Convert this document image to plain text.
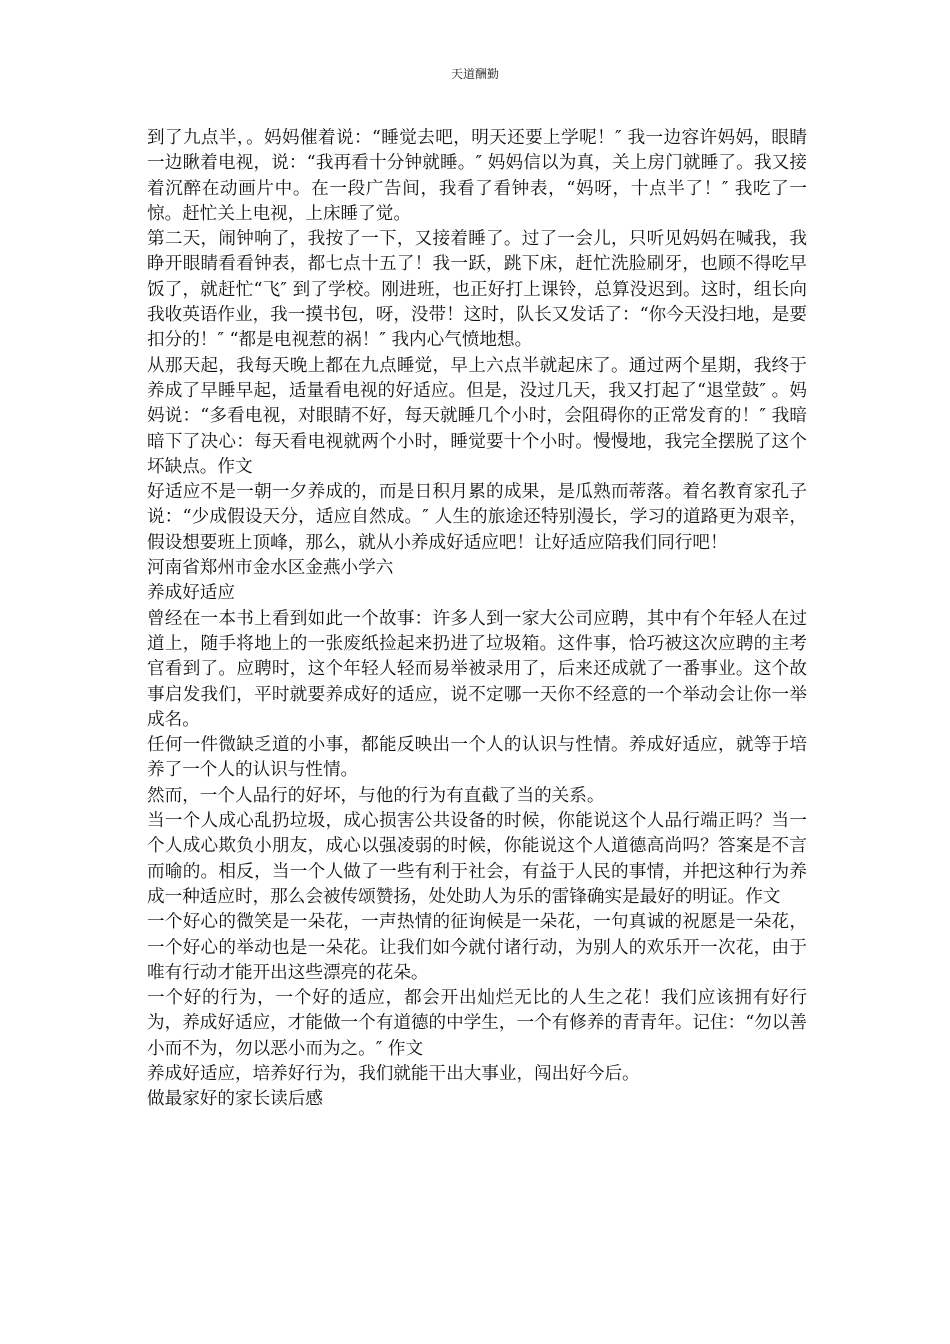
天道酬勤

到了九点半，。妈妈催着说：“睡觉去吧，明天还要上学呢！″ 我一边容许妈妈，眼睛一边瞅着电视，说：“我再看十分钟就睡。″ 妈妈信以为真，关上房门就睡了。我又接着沉醉在动画片中。在一段广告间，我看了看钟表，“妈呀，十点半了！″ 我吃了一惊。赶忙关上电视，上床睡了觉。

第二天，闹钟响了，我按了一下，又接着睡了。过了一会儿，只听见妈妈在喊我，我睁开眼睛看看钟表，都七点十五了！我一跃，跳下床，赶忙洗脸刷牙，也顾不得吃早饭了，就赶忙“飞″ 到了学校。刚进班，也正好打上课铃，总算没迟到。这时，组长向我收英语作业，我一摸书包，呀，没带！这时，队长又发话了：“你今天没扫地，是要扣分的！″ “都是电视惹的祸！″ 我内心气愤地想。

从那天起，我每天晚上都在九点睡觉，早上六点半就起床了。通过两个星期，我终于养成了早睡早起，适量看电视的好适应。但是，没过几天，我又打起了“退堂鼓″ 。妈妈说：“多看电视，对眼睛不好，每天就睡几个小时，会阻碍你的正常发育的！″ 我暗暗下了决心：每天看电视就两个小时，睡觉要十个小时。慢慢地，我完全摆脱了这个坏缺点。作文

好适应不是一朝一夕养成的，而是日积月累的成果，是瓜熟而蒂落。着名教育家孔子说：“少成假设天分，适应自然成。″ 人生的旅途还特别漫长，学习的道路更为艰辛，假设想要班上顶峰，那么，就从小养成好适应吧！让好适应陪我们同行吧！

河南省郑州市金水区金燕小学六

养成好适应

曾经在一本书上看到如此一个故事：许多人到一家大公司应聘，其中有个年轻人在过道上，随手将地上的一张废纸捡起来扔进了垃圾箱。这件事，恰巧被这次应聘的主考官看到了。应聘时，这个年轻人轻而易举被录用了，后来还成就了一番事业。这个故事启发我们，平时就要养成好的适应，说不定哪一天你不经意的一个举动会让你一举成名。

任何一件微缺乏道的小事，都能反映出一个人的认识与性情。养成好适应，就等于培养了一个人的认识与性情。

然而，一个人品行的好坏，与他的行为有直截了当的关系。

当一个人成心乱扔垃圾，成心损害公共设备的时候，你能说这个人品行端正吗？当一个人成心欺负小朋友，成心以强凌弱的时候，你能说这个人道德高尚吗？答案是不言而喻的。相反，当一个人做了一些有利于社会，有益于人民的事情，并把这种行为养成一种适应时，那么会被传颂赞扬，处处助人为乐的雷锋确实是最好的明证。作文

一个好心的微笑是一朵花，一声热情的征询候是一朵花，一句真诚的祝愿是一朵花，一个好心的举动也是一朵花。让我们如今就付诸行动，为别人的欢乐开一次花，由于唯有行动才能开出这些漂亮的花朵。

一个好的行为，一个好的适应，都会开出灿烂无比的人生之花！我们应该拥有好行为，养成好适应，才能做一个有道德的中学生，一个有修养的青青年。记住：“勿以善小而不为，勿以恶小而为之。″ 作文

养成好适应，培养好行为，我们就能干出大事业，闯出好今后。

做最家好的家长读后感
